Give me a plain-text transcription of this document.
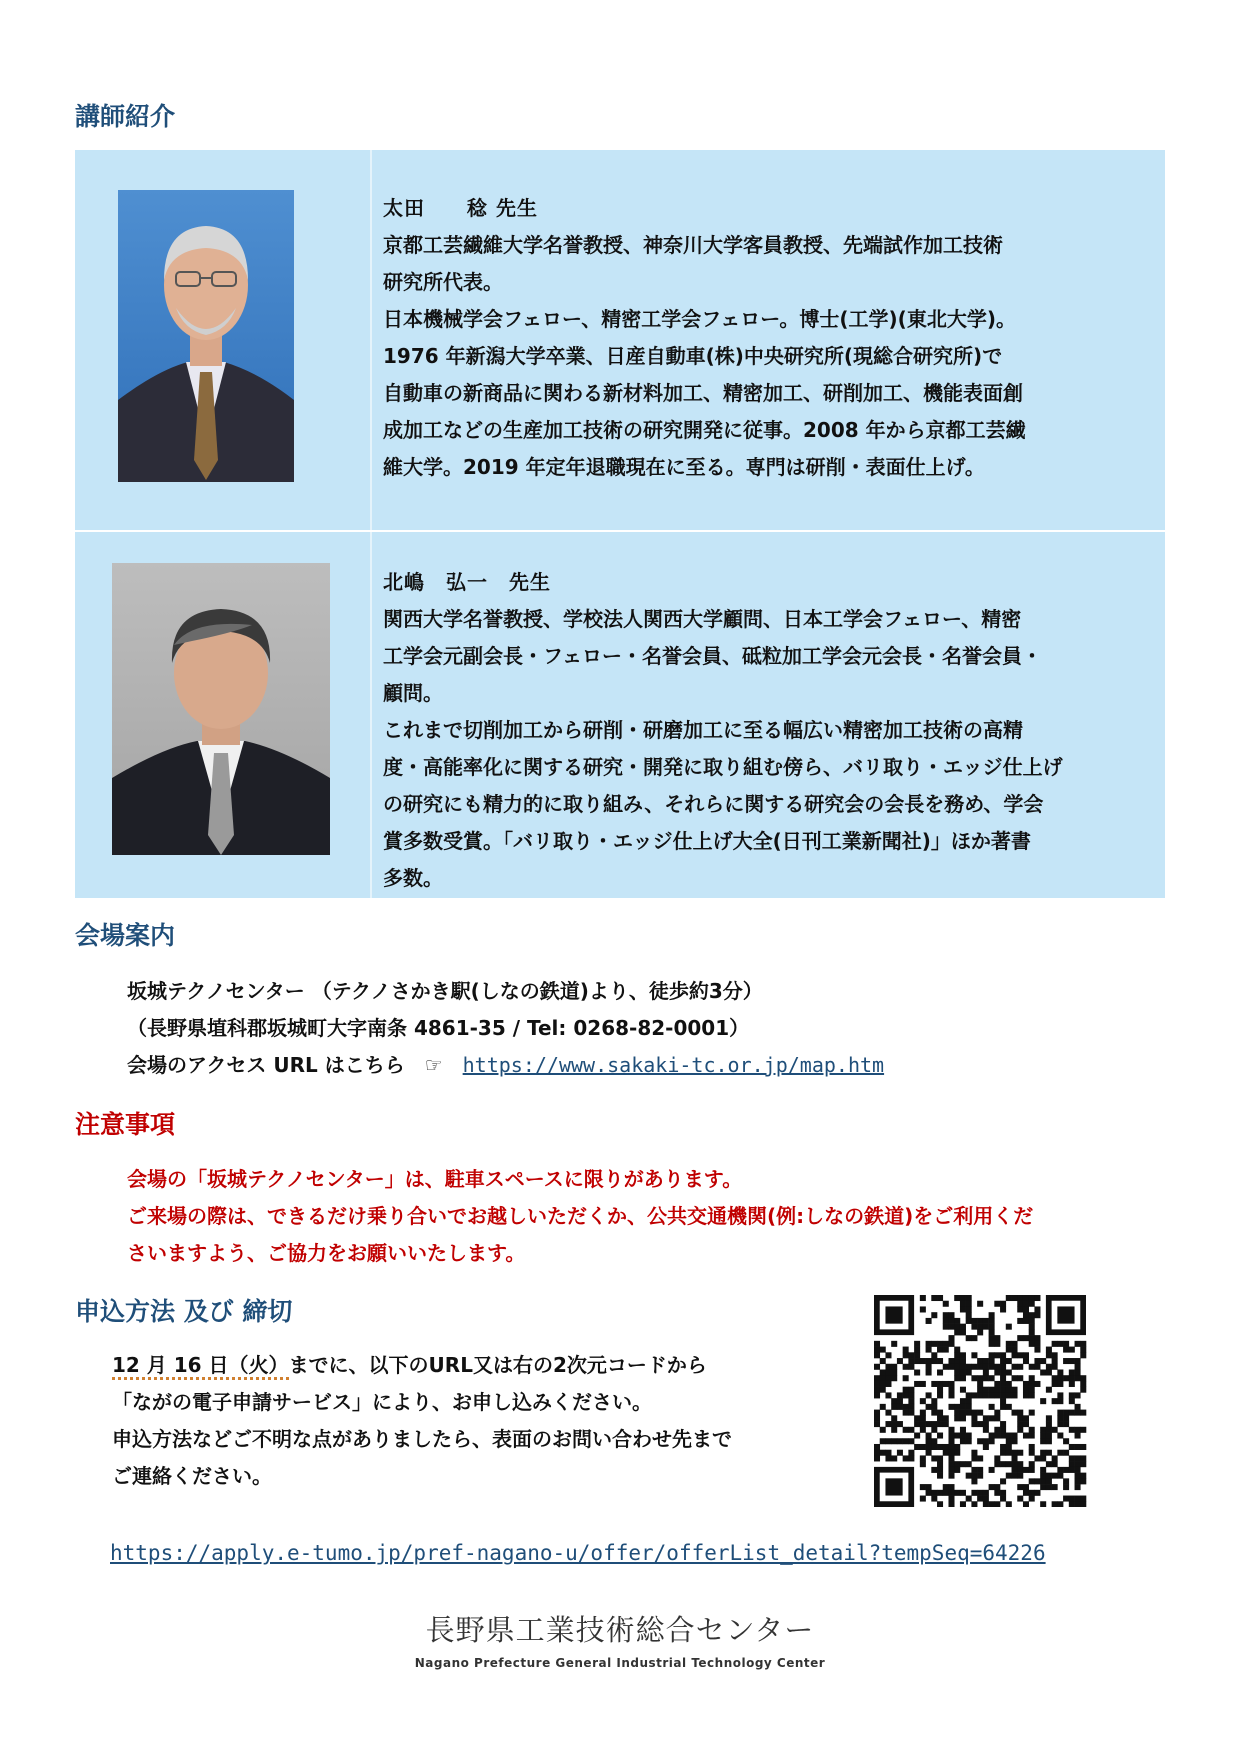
講師紹介

太田　　稔 先生

京都工芸繊維大学名誉教授、神奈川大学客員教授、先端試作加工技術

研究所代表。

日本機械学会フェロー、精密工学会フェロー。博士(工学)(東北大学)。

1976 年新潟大学卒業、日産自動車(株)中央研究所(現総合研究所)で

自動車の新商品に関わる新材料加工、精密加工、研削加工、機能表面創

成加工などの生産加工技術の研究開発に従事。2008 年から京都工芸繊

維大学。2019 年定年退職現在に至る。専門は研削・表面仕上げ。

北嶋　弘一　先生

関西大学名誉教授、学校法人関西大学顧問、日本工学会フェロー、精密

工学会元副会長・フェロー・名誉会員、砥粒加工学会元会長・名誉会員・

顧問。

これまで切削加工から研削・研磨加工に至る幅広い精密加工技術の高精

度・高能率化に関する研究・開発に取り組む傍ら、バリ取り・エッジ仕上げ

の研究にも精力的に取り組み、それらに関する研究会の会長を務め、学会

賞多数受賞。「バリ取り・エッジ仕上げ大全(日刊工業新聞社)」ほか著書

多数。

会場案内

坂城テクノセンター （テクノさかき駅(しなの鉄道)より、徒歩約3分）

（長野県埴科郡坂城町大字南条 4861-35 / Tel: 0268-82-0001）

会場のアクセス URL はこちら　☞　https://www.sakaki-tc.or.jp/map.htm

注意事項

会場の「坂城テクノセンター」は、駐車スペースに限りがあります。

ご来場の際は、できるだけ乗り合いでお越しいただくか、公共交通機関(例:しなの鉄道)をご利用くだ

さいますよう、ご協力をお願いいたします。

申込方法 及び 締切

12 月 16 日（火）までに、以下のURL又は右の2次元コードから

「ながの電子申請サービス」により、お申し込みください。

申込方法などご不明な点がありましたら、表面のお問い合わせ先まで

ご連絡ください。

https://apply.e-tumo.jp/pref-nagano-u/offer/offerList_detail?tempSeq=64226
長野県工業技術総合センター
Nagano Prefecture General Industrial Technology Center
